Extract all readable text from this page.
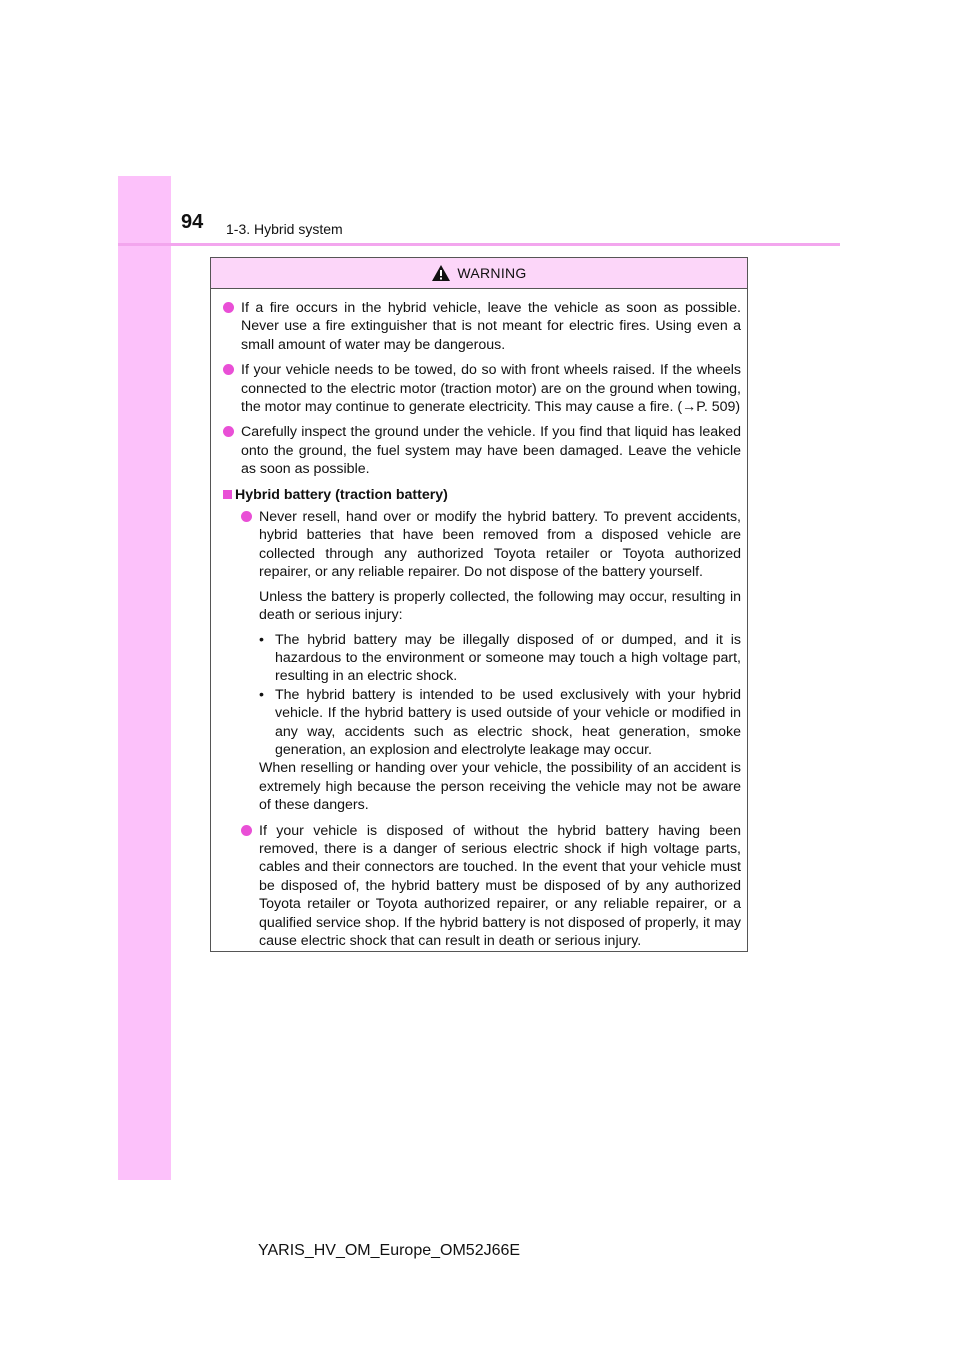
94 1-3. Hybrid system
WARNING

If a fire occurs in the hybrid vehicle, leave the vehicle as soon as possible. Never use a fire extinguisher that is not meant for electric fires. Using even a small amount of water may be dangerous.

If your vehicle needs to be towed, do so with front wheels raised. If the wheels connected to the electric motor (traction motor) are on the ground when towing, the motor may continue to generate electricity. This may cause a fire. (→P. 509)

Carefully inspect the ground under the vehicle. If you find that liquid has leaked onto the ground, the fuel system may have been damaged. Leave the vehicle as soon as possible.

Hybrid battery (traction battery)

Never resell, hand over or modify the hybrid battery. To prevent accidents, hybrid batteries that have been removed from a disposed vehicle are collected through any authorized Toyota retailer or Toyota authorized repairer, or any reliable repairer. Do not dispose of the battery yourself.

Unless the battery is properly collected, the following may occur, resulting in death or serious injury:

• The hybrid battery may be illegally disposed of or dumped, and it is hazardous to the environment or someone may touch a high voltage part, resulting in an electric shock.
• The hybrid battery is intended to be used exclusively with your hybrid vehicle. If the hybrid battery is used outside of your vehicle or modified in any way, accidents such as electric shock, heat generation, smoke generation, an explosion and electrolyte leakage may occur.
When reselling or handing over your vehicle, the possibility of an accident is extremely high because the person receiving the vehicle may not be aware of these dangers.

If your vehicle is disposed of without the hybrid battery having been removed, there is a danger of serious electric shock if high voltage parts, cables and their connectors are touched. In the event that your vehicle must be disposed of, the hybrid battery must be disposed of by any authorized Toyota retailer or Toyota authorized repairer, or any reliable repairer, or a qualified service shop. If the hybrid battery is not disposed of properly, it may cause electric shock that can result in death or serious injury.

YARIS_HV_OM_Europe_OM52J66E
